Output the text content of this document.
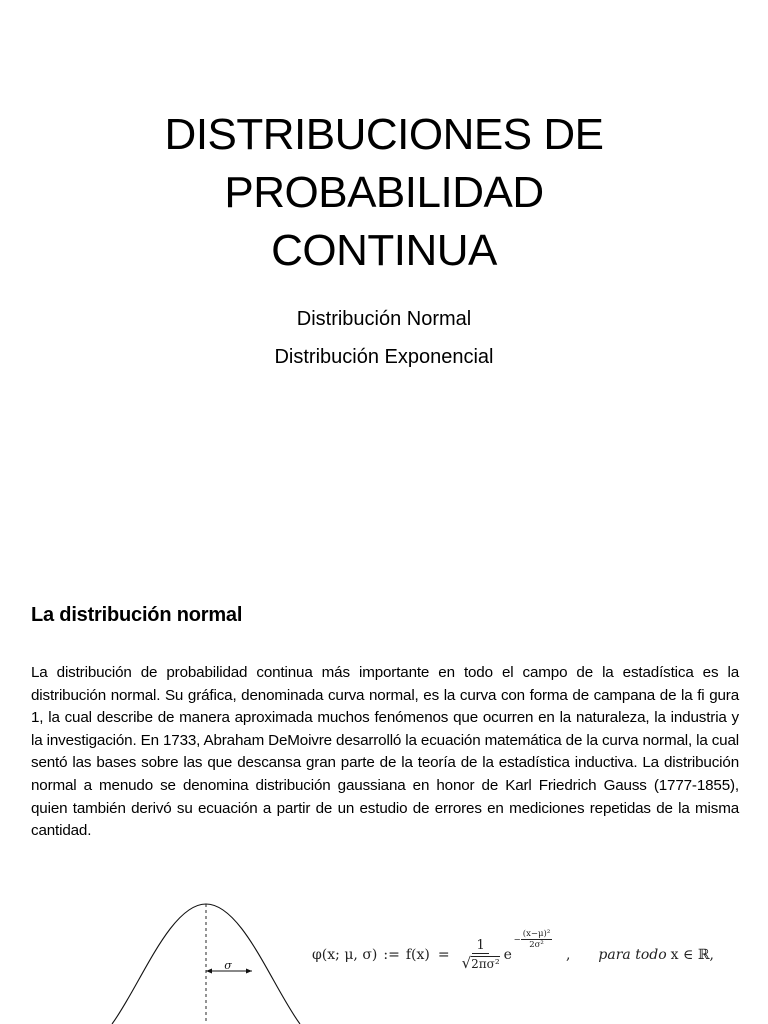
DISTRIBUCIONES DE
PROBABILIDAD
CONTINUA
Distribución Normal
Distribución Exponencial
La distribución normal
La distribución de probabilidad continua más importante en todo el campo de la estadística es la distribución normal. Su gráfica, denominada curva normal, es la curva con forma de campana de la fi gura 1, la cual describe de manera aproximada muchos fenómenos que ocurren en la naturaleza, la industria y la investigación. En 1733, Abraham DeMoivre desarrolló la ecuación matemática de la curva normal, la cual sentó las bases sobre las que descansa gran parte de la teoría de la estadística inductiva. La distribución normal a menudo se denomina distribución gaussiana en honor de Karl Friedrich Gauss (1777-1855), quien también derivó su ecuación a partir de un estudio de errores en mediciones repetidas de la misma cantidad.
σ
φ(x; μ, σ) := $f(x) = \frac{1}{\text{√2πσ²}}$ e
− $\frac{\text{(x−μ)²}}{\text{2σ²}}$
, para todo x ∈ ℝ,
